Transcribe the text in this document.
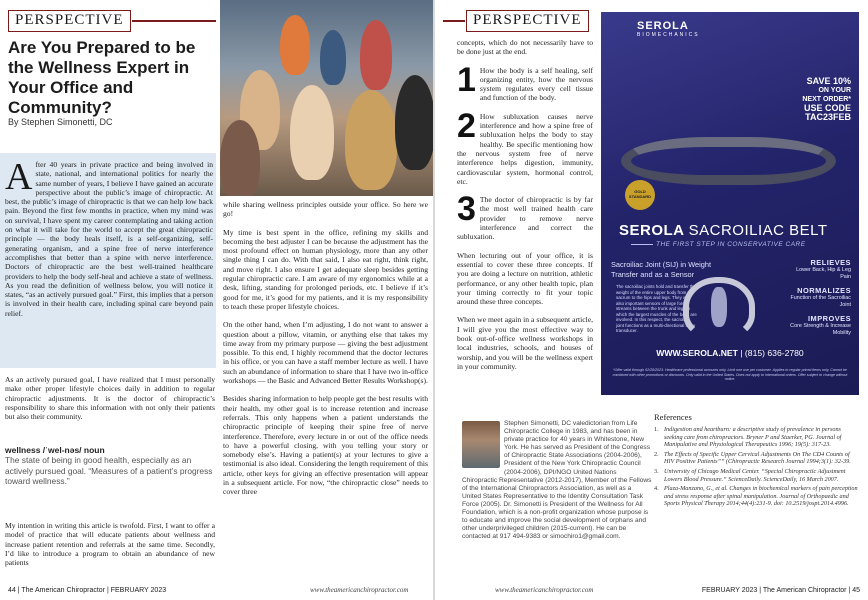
PERSPECTIVE
Are You Prepared to be the Wellness Expert in Your Office and Community?
By Stephen Simonetti, DC
After 40 years in private practice and being involved in state, national, and international politics for nearly the same number of years, I believe I have gained an accurate perspective about the public’s image of chiropractic. At best, the public’s image of chiropractic is that we can help low back pain. Beyond the first few months in practice, when my mind was on survival, I have spent my career contemplating and taking action on what it will take for the world to accept the great chiropractic principle — the body heals itself, is a self-organizing, self-generating organism, and a spine free of nerve interference accomplishes that better than a spine with nerve interference. Doctors of chiropractic are the best well-trained healthcare providers to help the body self-heal and achieve a state of wellness. As you read the definition of wellness below, you will notice it states, “as an actively pursued goal.” First, this implies that a person is involved in their health care, including spinal care beyond pain relief.
As an actively pursued goal, I have realized that I must personally make other proper lifestyle choices daily in addition to regular chiropractic adjustments. It is the doctor of chiropractic’s responsibility to share this information with not only their patients but also their community.
wellness /ˈwel-nəs/ noun
The state of being in good health, especially as an actively pursued goal. “Measures of a patient’s progress toward wellness.”
My intention in writing this article is twofold. First, I want to offer a model of practice that will educate patients about wellness and increase patient retention and referrals at the same time. Secondly, I’d like to introduce a program to obtain an abundance of new patients
while sharing wellness principles outside your office. So here we go!
My time is best spent in the office, refining my skills and becoming the best adjuster I can be because the adjustment has the most profound effect on human physiology, more than any other single thing I can do. With that said, I also eat right, think right, and move right. I also ensure I get adequate sleep besides getting regular chiropractic care. I am aware of my ergonomics while at a desk, lifting, standing for prolonged periods, etc. I believe if it’s good for me, it’s good for my patients, and it is my responsibility to teach these proper lifestyle choices.
On the other hand, when I’m adjusting, I do not want to answer a question about a pillow, vitamin, or anything else that takes my time away from my primary purpose — giving the best adjustment possible. To this end, I highly recommend that the doctor lectures in his office, or you can have a staff member lecture as well. I have such an abundance of information to share that I have two in-office workshops — the Basic and Advanced Better Results Workshop(s).
Besides sharing information to help people get the best results with their health, my other goal is to increase retention and increase referrals. This only happens when a patient understands the chiropractic principle of keeping their spine free of nerve interference. Therefore, every lecture in or out of the office needs to have a powerful closing, with you telling your story or somebody else’s. Having a patient(s) at your lectures to give a testimonial is also ideal. Considering the length requirement of this article, other keys for giving an effective presentation will appear in a subsequent article. For now, “the chiropractic close” needs to cover three
44 | The American Chiropractor | FEBRUARY 2023	www.theamericanchiropractor.com
PERSPECTIVE
concepts, which do not necessarily have to be done just at the end.
1 How the body is a self healing, self organizing entity, how the nervous system regulates every cell tissue and function of the body.
2 How subluxation causes nerve interference and how a spine free of subluxation helps the body to stay healthy. Be specific mentioning how the nervous system free of nerve interference helps digestion, immunity, cardiovascular system, hormonal control, etc.
3 The doctor of chiropractic is by far the most well trained health care provider to remove nerve interference and correct the subluxation.
When lecturing out of your office, it is essential to cover these three concepts. If you are doing a lecture on nutrition, athletic performance, or any other health topic, plan your timing correctly to fit your topic around these three concepts.
When we meet again in a subsequent article, I will give you the most effective way to book out-of-office wellness workshops in local industries, schools, and houses of worship, and you will be the wellness expert in your community.
SEROLA
BIOMECHANICS
SAVE 10%
ON YOUR
NEXT ORDER*
USE CODE
TAC23FEB
GOLD STANDARD
SEROLA SACROILIAC BELT
THE FIRST STEP IN CONSERVATIVE CARE
Sacroiliac Joint (SIJ) in Weight Transfer and as a Sensor
The sacroiliac joints hold and transfer the weight of the entire upper body from the sacrum to the hips and legs. They are also important sensors of large force streams between the trunk and legs in which the largest muscles of the body are involved. In this respect, the sacroiliac joint functions as a multi-directional force transducer.
RELIEVES
Lower Back, Hip & Leg Pain
NORMALIZES
Function of the Sacroiliac Joint
IMPROVES
Core Strength & Increase Mobility
WWW.SEROLA.NET | (815) 636-2780
*Offer valid through 02/28/2023. Healthcare professional accounts only. Limit one use per customer. Applies to regular priced items only. Cannot be combined with other promotions or discounts. Only valid in the United States. Does not apply to international orders. Offer subject to change without notice.
Stephen Simonetti, DC valedictorian from Life Chiropractic College in 1983, and has been in private practice for 40 years in Whitestone, New York. He has served as President of the Congress of Chiropractic State Associations (2004-2006), President of the New York Chiropractic Council (2004-2006), DPI/NGO United Nations Chiropractic Representative (2012-2017), Member of the Fellows of the International Chiropractors Association, as well as a United States Representative to the Identity Consultation Task Force (2005). Dr. Simonetti is President of the Wellness for All Foundation, which is a non-profit organization whose purpose is to educate and improve the social development of orphans and other underprivileged children (2015-current). He can be contacted at 917 494-9383 or simochiro1@gmail.com.
References
1. Indigestion and heartburn: a descriptive study of prevalence in persons seeking care from chiropractors. Bryner P and Staerker, PG. Journal of Manipulative and Physiological Therapeutics 1996; 19(5): 317-23.
2. The Effects of Specific Upper Cervical Adjustments On The CD4 Counts of HIV Positive Patients”” (Chiropractic Research Journal 1994;3(1): 32-39.
3. University of Chicago Medical Center. “Special Chiropractic Adjustment Lowers Blood Pressure.” ScienceDaily. ScienceDaily, 16 March 2007.
4. Plaza-Manzano, G., et al. Changes in biochemical markers of pain perception and stress response after spinal manipulation. Journal of Orthopaedic and Sports Physical Therapy 2014;44(4):231-9. doi: 10.2519/jospt.2014.4996.
www.theamericanchiropractor.com	FEBRUARY 2023 | The American Chiropractor | 45
